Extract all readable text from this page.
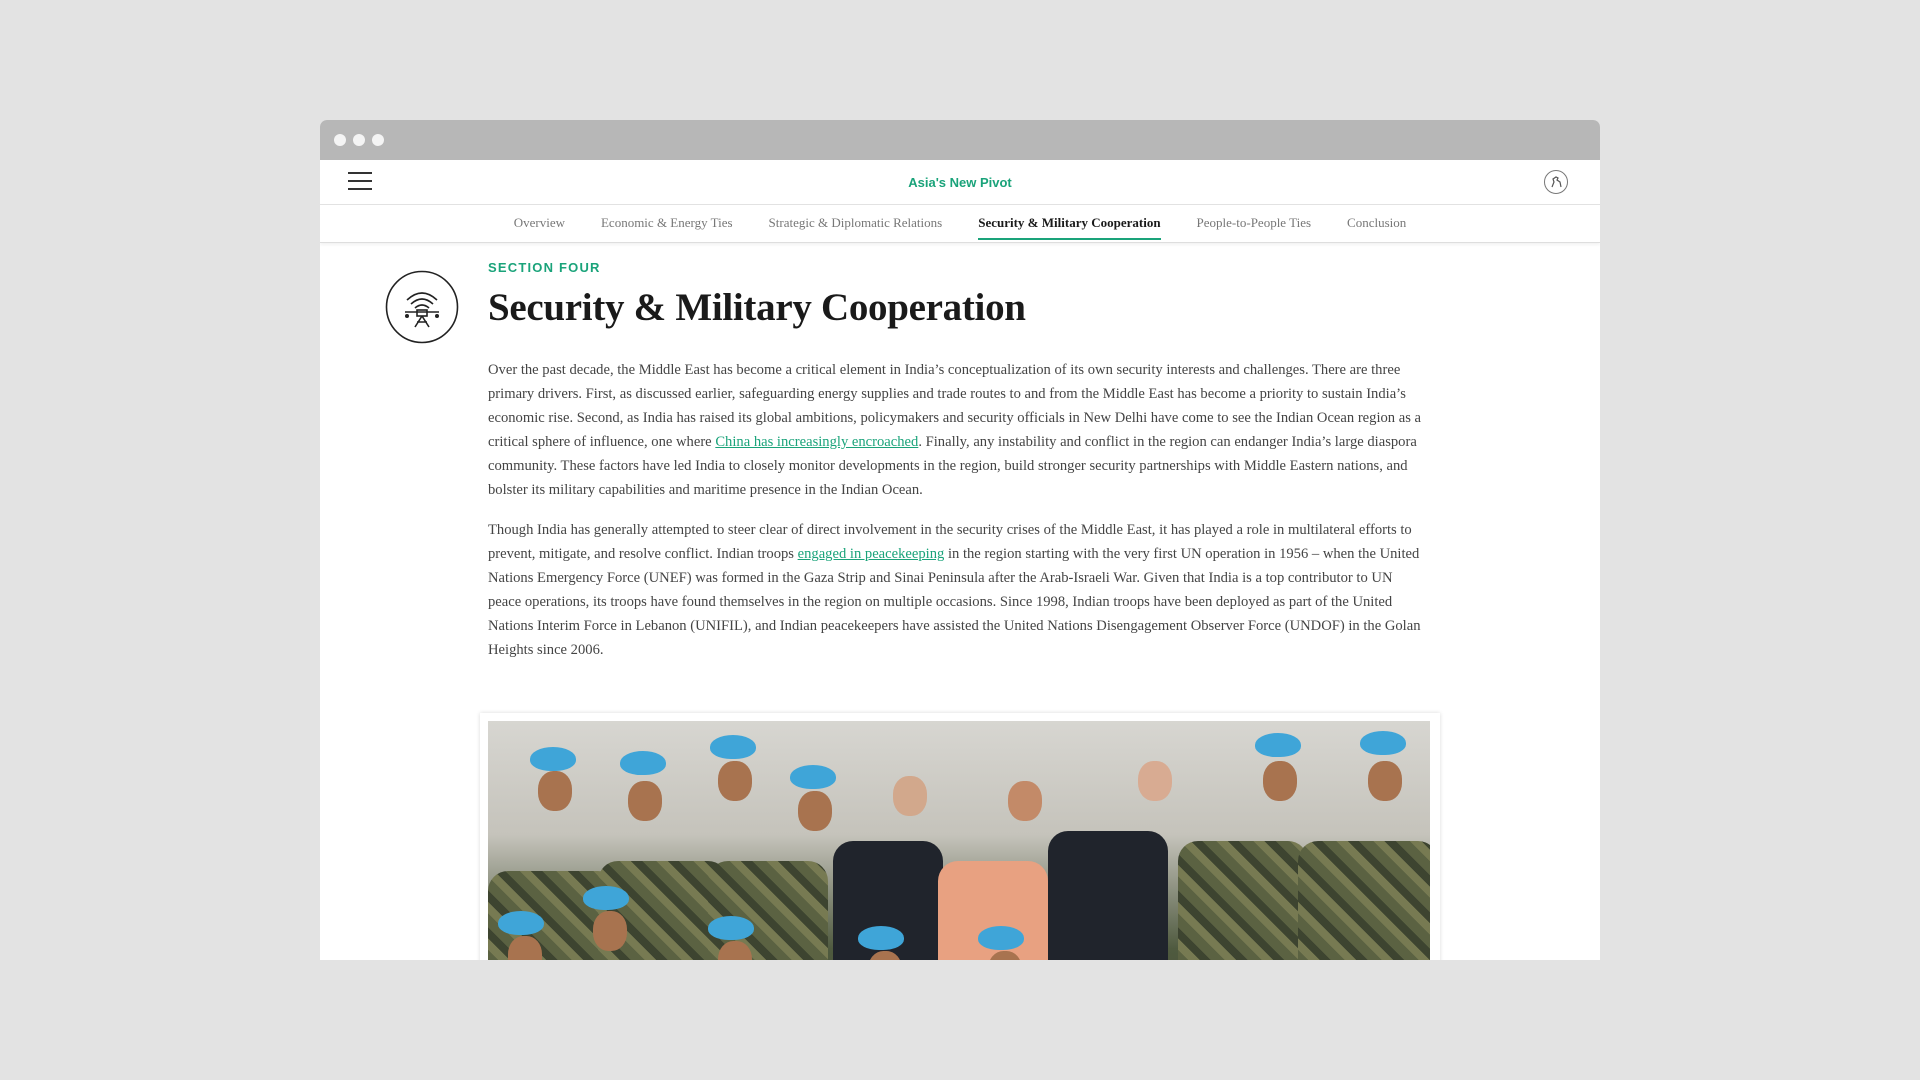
Asia's New Pivot
Overview	Economic & Energy Ties	Strategic & Diplomatic Relations	Security & Military Cooperation	People-to-People Ties	Conclusion
SECTION FOUR
Security & Military Cooperation

Over the past decade, the Middle East has become a critical element in India’s conceptualization of its own security interests and challenges. There are three primary drivers. First, as discussed earlier, safeguarding energy supplies and trade routes to and from the Middle East has become a priority to sustain India’s economic rise. Second, as India has raised its global ambitions, policymakers and security officials in New Delhi have come to see the Indian Ocean region as a critical sphere of influence, one where China has increasingly encroached. Finally, any instability and conflict in the region can endanger India’s large diaspora community. These factors have led India to closely monitor developments in the region, build stronger security partnerships with Middle Eastern nations, and bolster its military capabilities and maritime presence in the Indian Ocean.

Though India has generally attempted to steer clear of direct involvement in the security crises of the Middle East, it has played a role in multilateral efforts to prevent, mitigate, and resolve conflict. Indian troops engaged in peacekeeping in the region starting with the very first UN operation in 1956 – when the United Nations Emergency Force (UNEF) was formed in the Gaza Strip and Sinai Peninsula after the Arab-Israeli War. Given that India is a top contributor to UN peace operations, its troops have found themselves in the region on multiple occasions. Since 1998, Indian troops have been deployed as part of the United Nations Interim Force in Lebanon (UNIFIL), and Indian peacekeepers have assisted the United Nations Disengagement Observer Force (UNDOF) in the Golan Heights since 2006.
